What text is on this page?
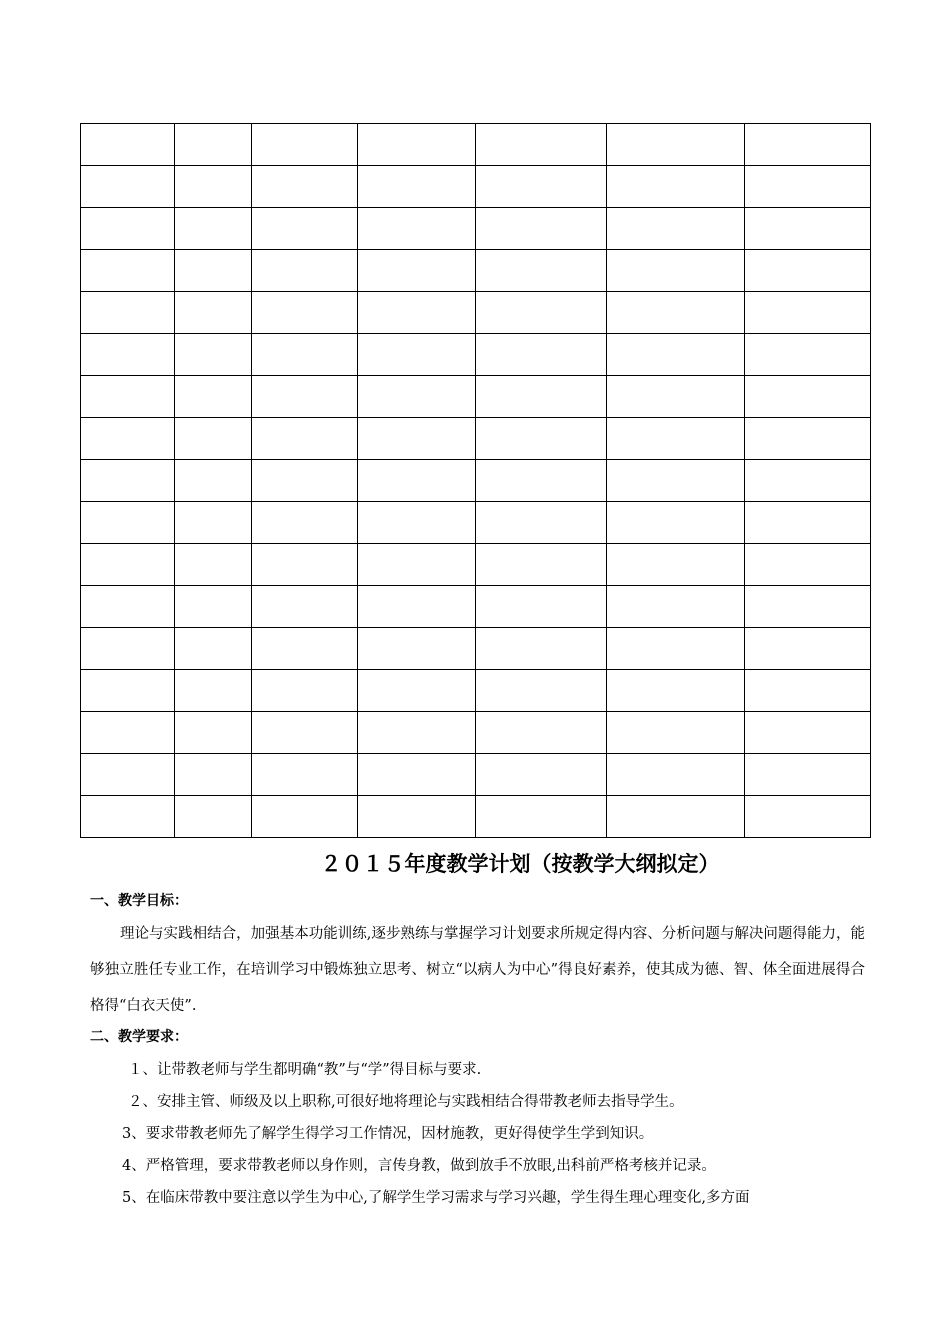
２０１５年度教学计划（按教学大纲拟定）

一、教学目标：

理论与实践相结合，加强基本功能训练,逐步熟练与掌握学习计划要求所规定得内容、分析问题与解决问题得能力，能够独立胜任专业工作，在培训学习中锻炼独立思考、树立“以病人为中心”得良好素养，使其成为德、智、体全面进展得合格得“白衣天使”.

二、教学要求：

１、让带教老师与学生都明确“教”与“学”得目标与要求.

２、安排主管、师级及以上职称,可很好地将理论与实践相结合得带教老师去指导学生。

3、要求带教老师先了解学生得学习工作情况，因材施教，更好得使学生学到知识。

4、严格管理，要求带教老师以身作则，言传身教，做到放手不放眼,出科前严格考核并记录。

5、在临床带教中要注意以学生为中心,了解学生学习需求与学习兴趣，学生得生理心理变化,多方面
